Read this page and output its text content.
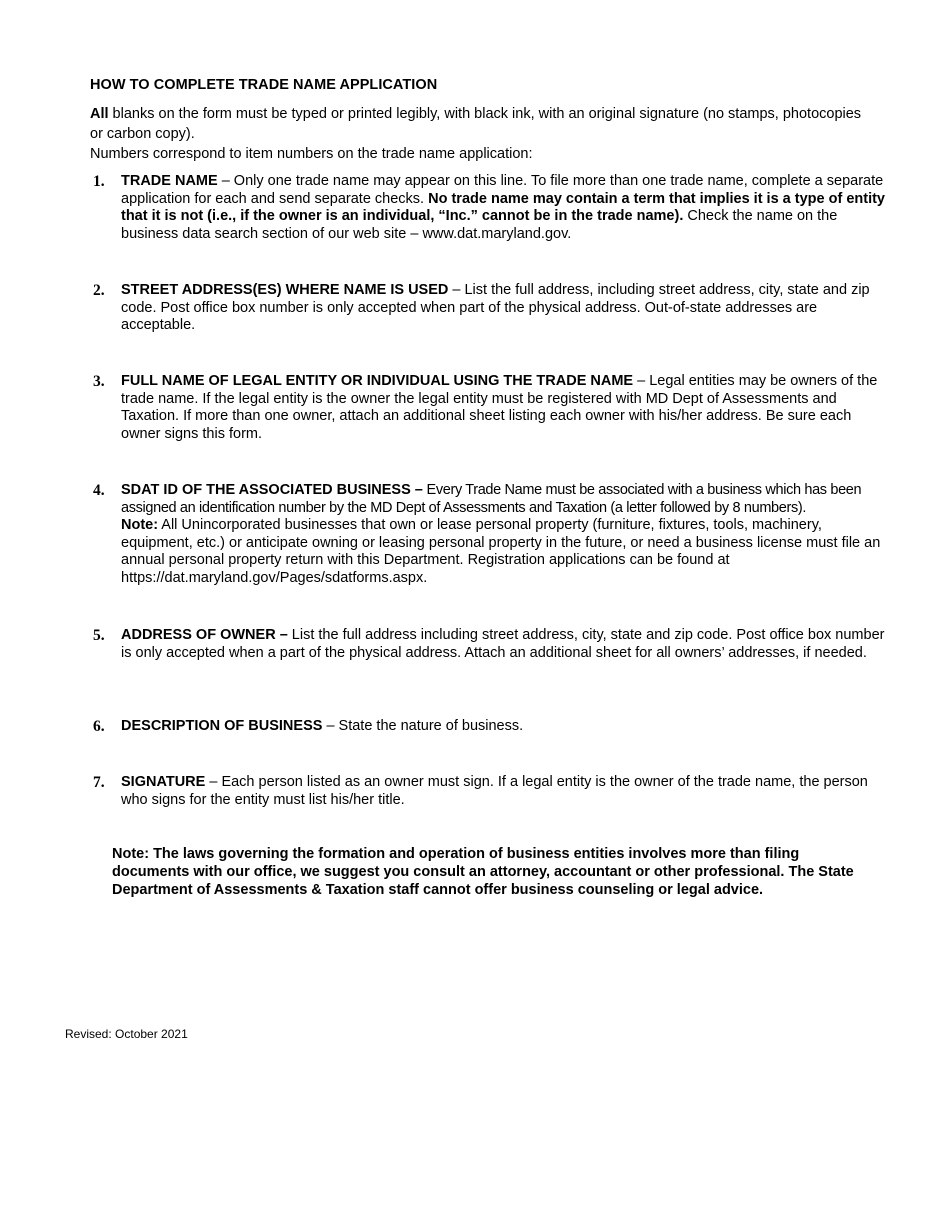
HOW TO COMPLETE TRADE NAME APPLICATION

All blanks on the form must be typed or printed legibly, with black ink, with an original signature (no stamps, photocopies or carbon copy).

Numbers correspond to item numbers on the trade name application:

1. TRADE NAME – Only one trade name may appear on this line. To file more than one trade name, complete a separate application for each and send separate checks. No trade name may contain a term that implies it is a type of entity that it is not (i.e., if the owner is an individual, “Inc.” cannot be in the trade name). Check the name on the business data search section of our web site – www.dat.maryland.gov.
2. STREET ADDRESS(ES) WHERE NAME IS USED – List the full address, including street address, city, state and zip code. Post office box number is only accepted when part of the physical address. Out-of-state addresses are acceptable.
3. FULL NAME OF LEGAL ENTITY OR INDIVIDUAL USING THE TRADE NAME – Legal entities may be owners of the trade name. If the legal entity is the owner the legal entity must be registered with MD Dept of Assessments and Taxation. If more than one owner, attach an additional sheet listing each owner with his/her address. Be sure each owner signs this form.
4. SDAT ID OF THE ASSOCIATED BUSINESS – Every Trade Name must be associated with a business which has been assigned an identification number by the MD Dept of Assessments and Taxation (a letter followed by 8 numbers).
Note: All Unincorporated businesses that own or lease personal property (furniture, fixtures, tools, machinery, equipment, etc.) or anticipate owning or leasing personal property in the future, or need a business license must file an annual personal property return with this Department. Registration applications can be found at https://dat.maryland.gov/Pages/sdatforms.aspx.
5. ADDRESS OF OWNER – List the full address including street address, city, state and zip code. Post office box number is only accepted when a part of the physical address. Attach an additional sheet for all owners’ addresses, if needed.
6. DESCRIPTION OF BUSINESS – State the nature of business.
7. SIGNATURE – Each person listed as an owner must sign. If a legal entity is the owner of the trade name, the person who signs for the entity must list his/her title.
Note: The laws governing the formation and operation of business entities involves more than filing documents with our office, we suggest you consult an attorney, accountant or other professional. The State Department of Assessments & Taxation staff cannot offer business counseling or legal advice.
Revised: October 2021
